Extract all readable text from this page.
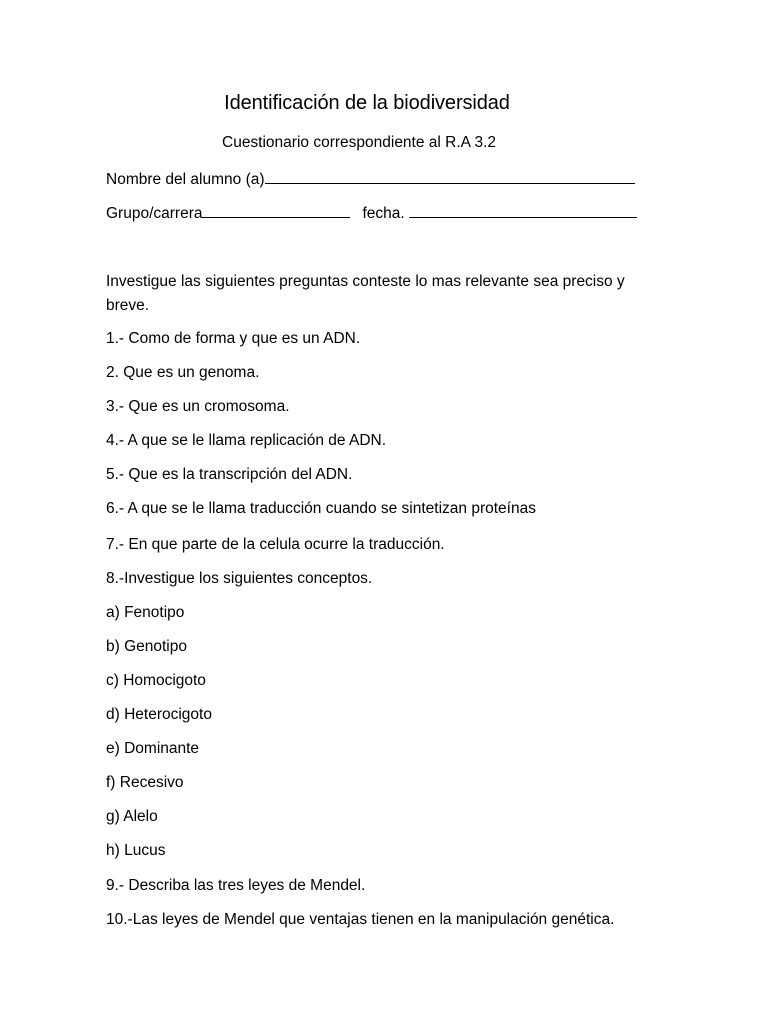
Identificación de la biodiversidad
Cuestionario correspondiente al R.A 3.2
Nombre del alumno (a)
Grupo/carrera	fecha.
Investigue las siguientes preguntas conteste lo mas relevante sea preciso y breve.
1.- Como de forma y que es un ADN.
2. Que es un genoma.
3.- Que es un cromosoma.
4.- A que se le llama replicación de ADN.
5.- Que es la transcripción del ADN.
6.- A que se le llama traducción cuando se sintetizan proteínas
7.- En que parte de la celula ocurre la traducción.
8.-Investigue los siguientes conceptos.
a) Fenotipo
b) Genotipo
c) Homocigoto
d) Heterocigoto
e) Dominante
f) Recesivo
g) Alelo
h) Lucus
9.- Describa las tres leyes de Mendel.
10.-Las leyes de Mendel que ventajas tienen en la manipulación genética.
